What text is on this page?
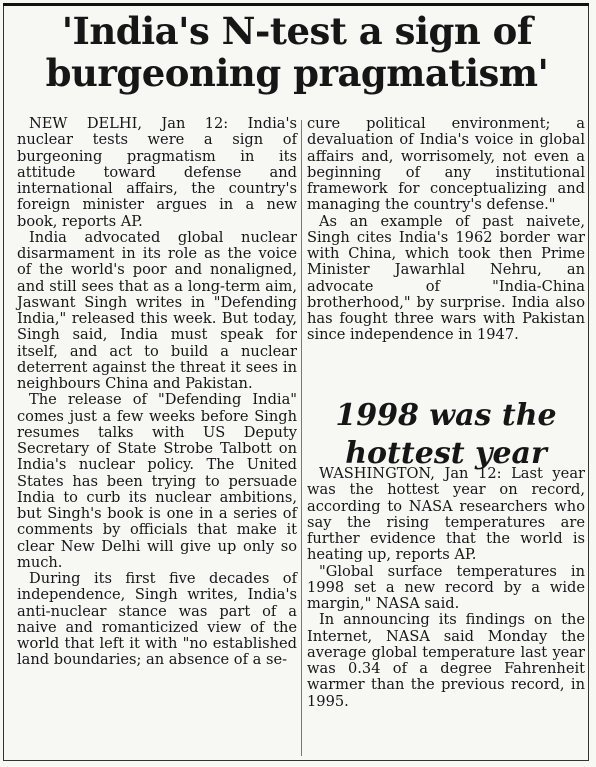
'India's N-test a sign of burgeoning pragmatism'

NEW DELHI, Jan 12: India's nuclear tests were a sign of burgeoning pragmatism in its attitude toward defense and international affairs, the country's foreign minister argues in a new book, reports AP.

India advocated global nuclear disarmament in its role as the voice of the world's poor and nonaligned, and still sees that as a long-term aim, Jaswant Singh writes in "Defending India," released this week. But today, Singh said, India must speak for itself, and act to build a nuclear deterrent against the threat it sees in neighbours China and Pakistan.

The release of "Defending India" comes just a few weeks before Singh resumes talks with US Deputy Secretary of State Strobe Talbott on India's nuclear policy. The United States has been trying to persuade India to curb its nuclear ambitions, but Singh's book is one in a series of comments by officials that make it clear New Delhi will give up only so much.

During its first five decades of independence, Singh writes, India's anti-nuclear stance was part of a naive and romanticized view of the world that left it with "no established land boundaries; an absence of a se-

cure political environment; a devaluation of India's voice in global affairs and, worrisomely, not even a beginning of any institutional framework for conceptualizing and managing the country's defense."

As an example of past naivete, Singh cites India's 1962 border war with China, which took then Prime Minister Jawarhlal Nehru, an advocate of "India-China brotherhood," by surprise. India also has fought three wars with Pakistan since independence in 1947.

1998 was the hottest year

WASHINGTON, Jan 12: Last year was the hottest year on record, according to NASA researchers who say the rising temperatures are further evidence that the world is heating up, reports AP.

"Global surface temperatures in 1998 set a new record by a wide margin," NASA said.

In announcing its findings on the Internet, NASA said Monday the average global temperature last year was 0.34 of a degree Fahrenheit warmer than the previous record, in 1995.
